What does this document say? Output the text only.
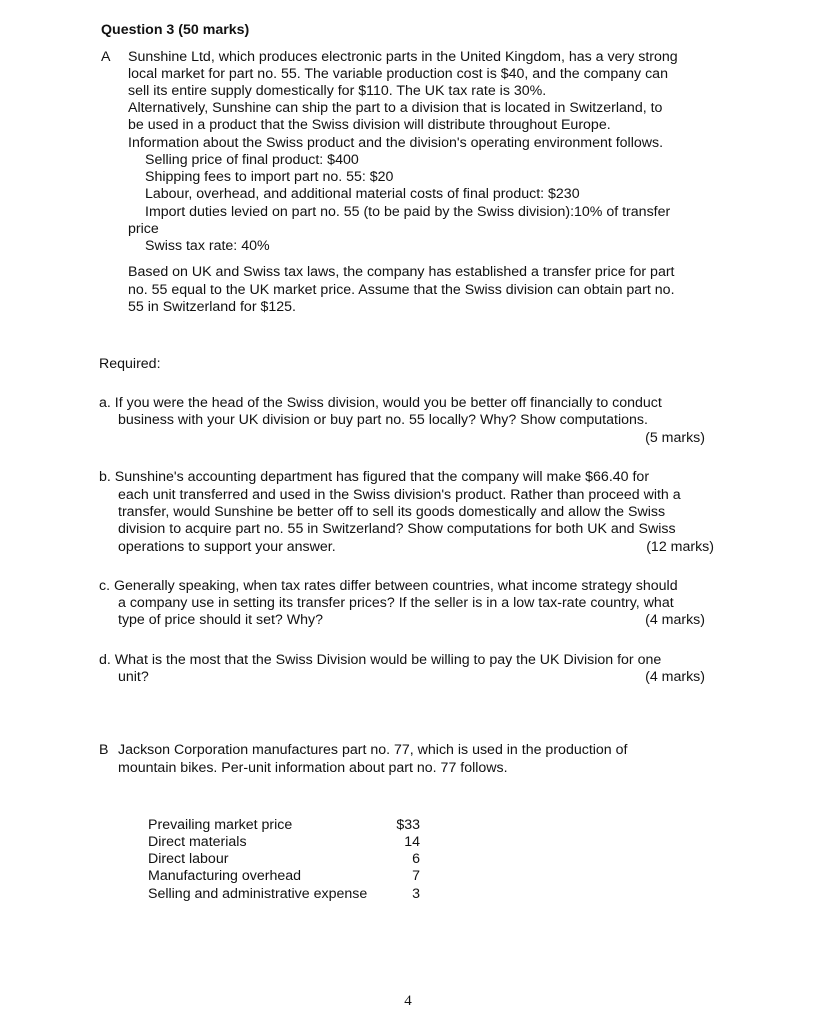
Question 3 (50 marks)
A Sunshine Ltd, which produces electronic parts in the United Kingdom, has a very strong
local market for part no. 55. The variable production cost is $40, and the company can
sell its entire supply domestically for $110. The UK tax rate is 30%.
Alternatively, Sunshine can ship the part to a division that is located in Switzerland, to
be used in a product that the Swiss division will distribute throughout Europe.
Information about the Swiss product and the division's operating environment follows.
Selling price of final product: $400
Shipping fees to import part no. 55: $20
Labour, overhead, and additional material costs of final product: $230
Import duties levied on part no. 55 (to be paid by the Swiss division):10% of transfer
price
Swiss tax rate: 40%
Based on UK and Swiss tax laws, the company has established a transfer price for part
no. 55 equal to the UK market price. Assume that the Swiss division can obtain part no.
55 in Switzerland for $125.
Required:
a. If you were the head of the Swiss division, would you be better off financially to conduct
business with your UK division or buy part no. 55 locally? Why? Show computations.
(5 marks)
b. Sunshine's accounting department has figured that the company will make $66.40 for
each unit transferred and used in the Swiss division's product. Rather than proceed with a
transfer, would Sunshine be better off to sell its goods domestically and allow the Swiss
division to acquire part no. 55 in Switzerland? Show computations for both UK and Swiss
operations to support your answer.	(12 marks)
c. Generally speaking, when tax rates differ between countries, what income strategy should
a company use in setting its transfer prices? If the seller is in a low tax-rate country, what
type of price should it set? Why?	(4 marks)
d. What is the most that the Swiss Division would be willing to pay the UK Division for one
unit?	(4 marks)
B Jackson Corporation manufactures part no. 77, which is used in the production of
mountain bikes. Per-unit information about part no. 77 follows.
Prevailing market price	$33
Direct materials	14
Direct labour	6
Manufacturing overhead	7
Selling and administrative expense	3
4
